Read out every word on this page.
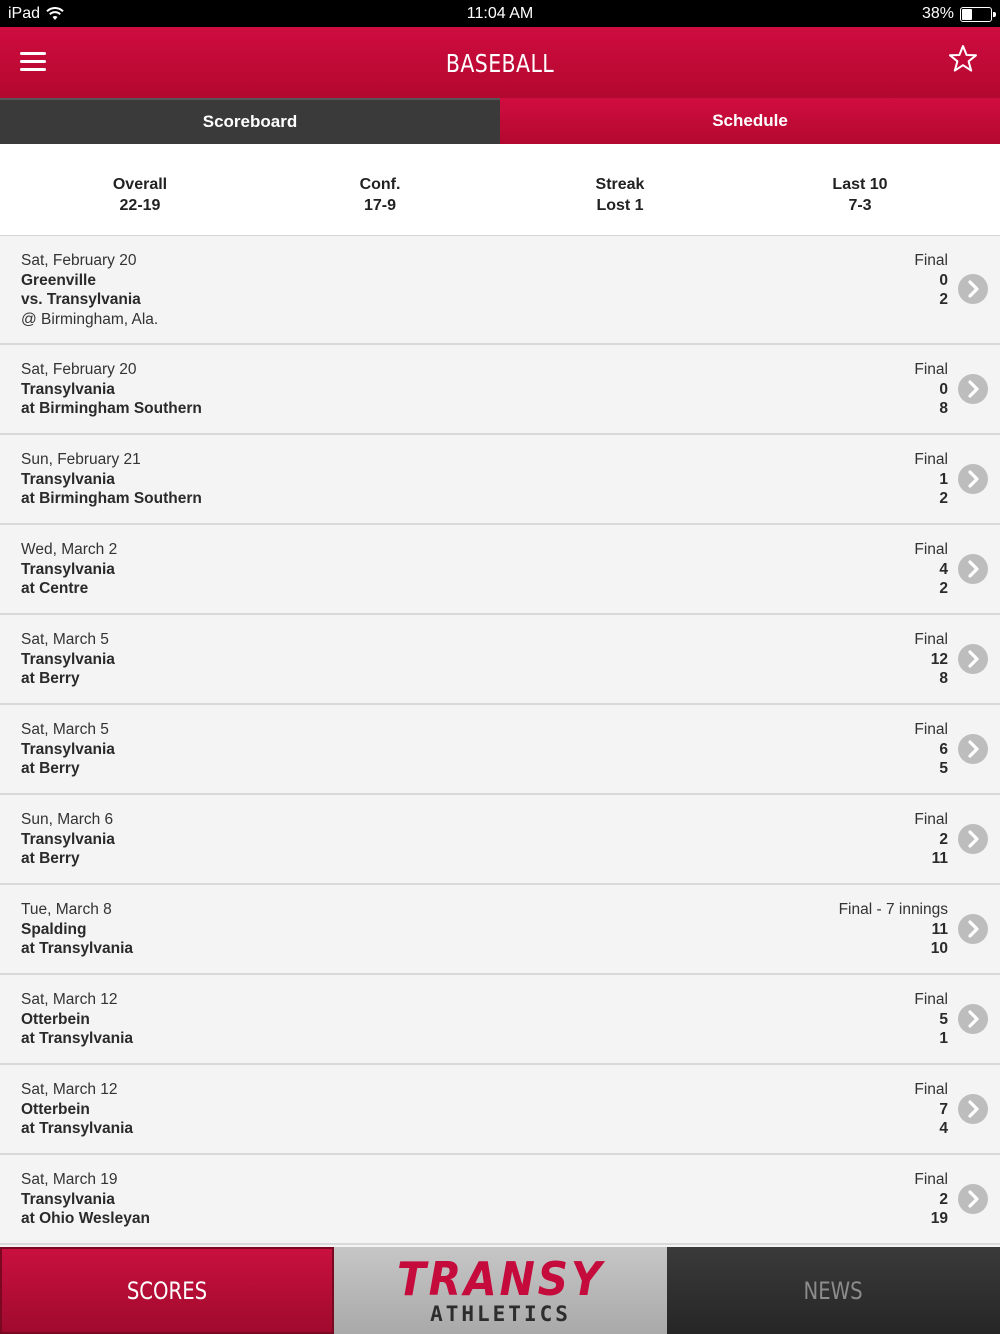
iPad	11:04 AM	38%
BASEBALL
Scoreboard	Schedule
Overall
22-19
Conf.
17-9
Streak
Lost 1
Last 10
7-3
Sat, February 20
Greenville
vs. Transylvania
@ Birmingham, Ala.
Final
0
2
Sat, February 20
Transylvania
at Birmingham Southern
Final
0
8
Sun, February 21
Transylvania
at Birmingham Southern
Final
1
2
Wed, March 2
Transylvania
at Centre
Final
4
2
Sat, March 5
Transylvania
at Berry
Final
12
8
Sat, March 5
Transylvania
at Berry
Final
6
5
Sun, March 6
Transylvania
at Berry
Final
2
11
Tue, March 8
Spalding
at Transylvania
Final - 7 innings
11
10
Sat, March 12
Otterbein
at Transylvania
Final
5
1
Sat, March 12
Otterbein
at Transylvania
Final
7
4
Sat, March 19
Transylvania
at Ohio Wesleyan
Final
2
19
SCORES	TRANSY
ATHLETICS
NEWS
